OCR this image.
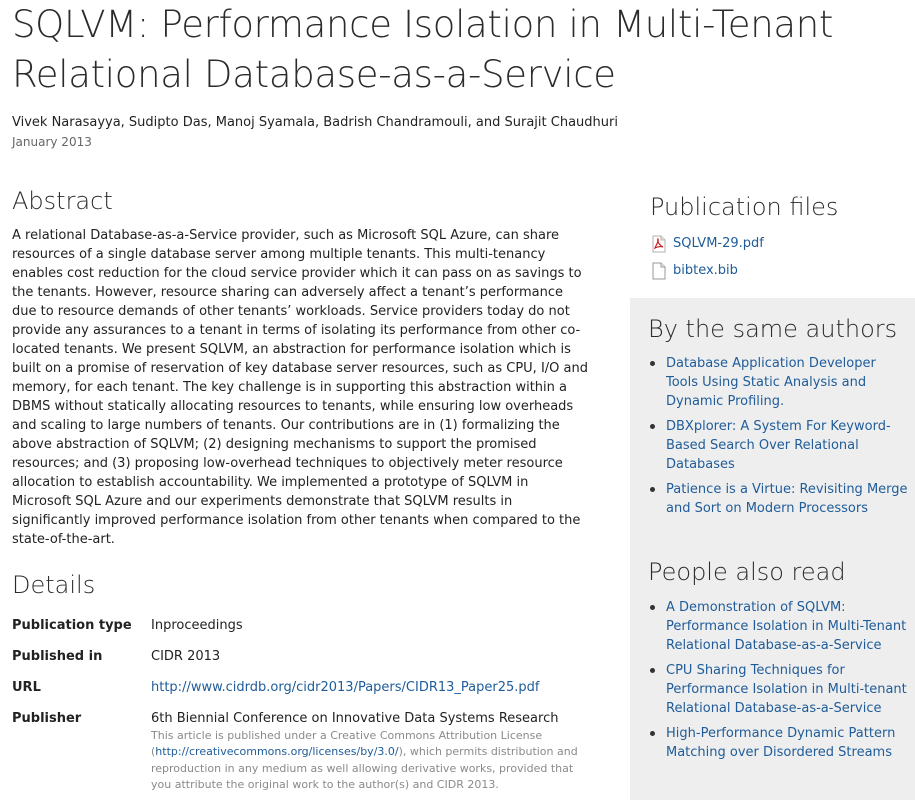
SQLVM: Performance Isolation in Multi-Tenant Relational Database-as-a-Service
Vivek Narasayya, Sudipto Das, Manoj Syamala, Badrish Chandramouli, and Surajit Chaudhuri
January 2013
Abstract

A relational Database-as-a-Service provider, such as Microsoft SQL Azure, can share resources of a single database server among multiple tenants. This multi-tenancy enables cost reduction for the cloud service provider which it can pass on as savings to the tenants. However, resource sharing can adversely affect a tenant’s performance due to resource demands of other tenants’ workloads. Service providers today do not provide any assurances to a tenant in terms of isolating its performance from other co-located tenants. We present SQLVM, an abstraction for performance isolation which is built on a promise of reservation of key database server resources, such as CPU, I/O and memory, for each tenant. The key challenge is in supporting this abstraction within a DBMS without statically allocating resources to tenants, while ensuring low overheads and scaling to large numbers of tenants. Our contributions are in (1) formalizing the above abstraction of SQLVM; (2) designing mechanisms to support the promised resources; and (3) proposing low-overhead techniques to objectively meter resource allocation to establish accountability. We implemented a prototype of SQLVM in Microsoft SQL Azure and our experiments demonstrate that SQLVM results in significantly improved performance isolation from other tenants when compared to the state-of-the-art.

Details
Publication type Inproceedings
Published in	CIDR 2013
URL	http://www.cidrdb.org/cidr2013/Papers/CIDR13_Paper25.pdf
Publisher	6th Biennial Conference on Innovative Data Systems Research
This article is published under a Creative Commons Attribution License (http://creativecommons.org/licenses/by/3.0/), which permits distribution and reproduction in any medium as well allowing derivative works, provided that you attribute the original work to the author(s) and CIDR 2013.
Publication files
SQLVM-29.pdf
bibtex.bib
By the same authors
Database Application Developer Tools Using Static Analysis and Dynamic Profiling.
DBXplorer: A System For Keyword-Based Search Over Relational Databases
Patience is a Virtue: Revisiting Merge and Sort on Modern Processors
People also read
A Demonstration of SQLVM: Performance Isolation in Multi-Tenant Relational Database-as-a-Service
CPU Sharing Techniques for Performance Isolation in Multi-tenant Relational Database-as-a-Service
High-Performance Dynamic Pattern Matching over Disordered Streams
